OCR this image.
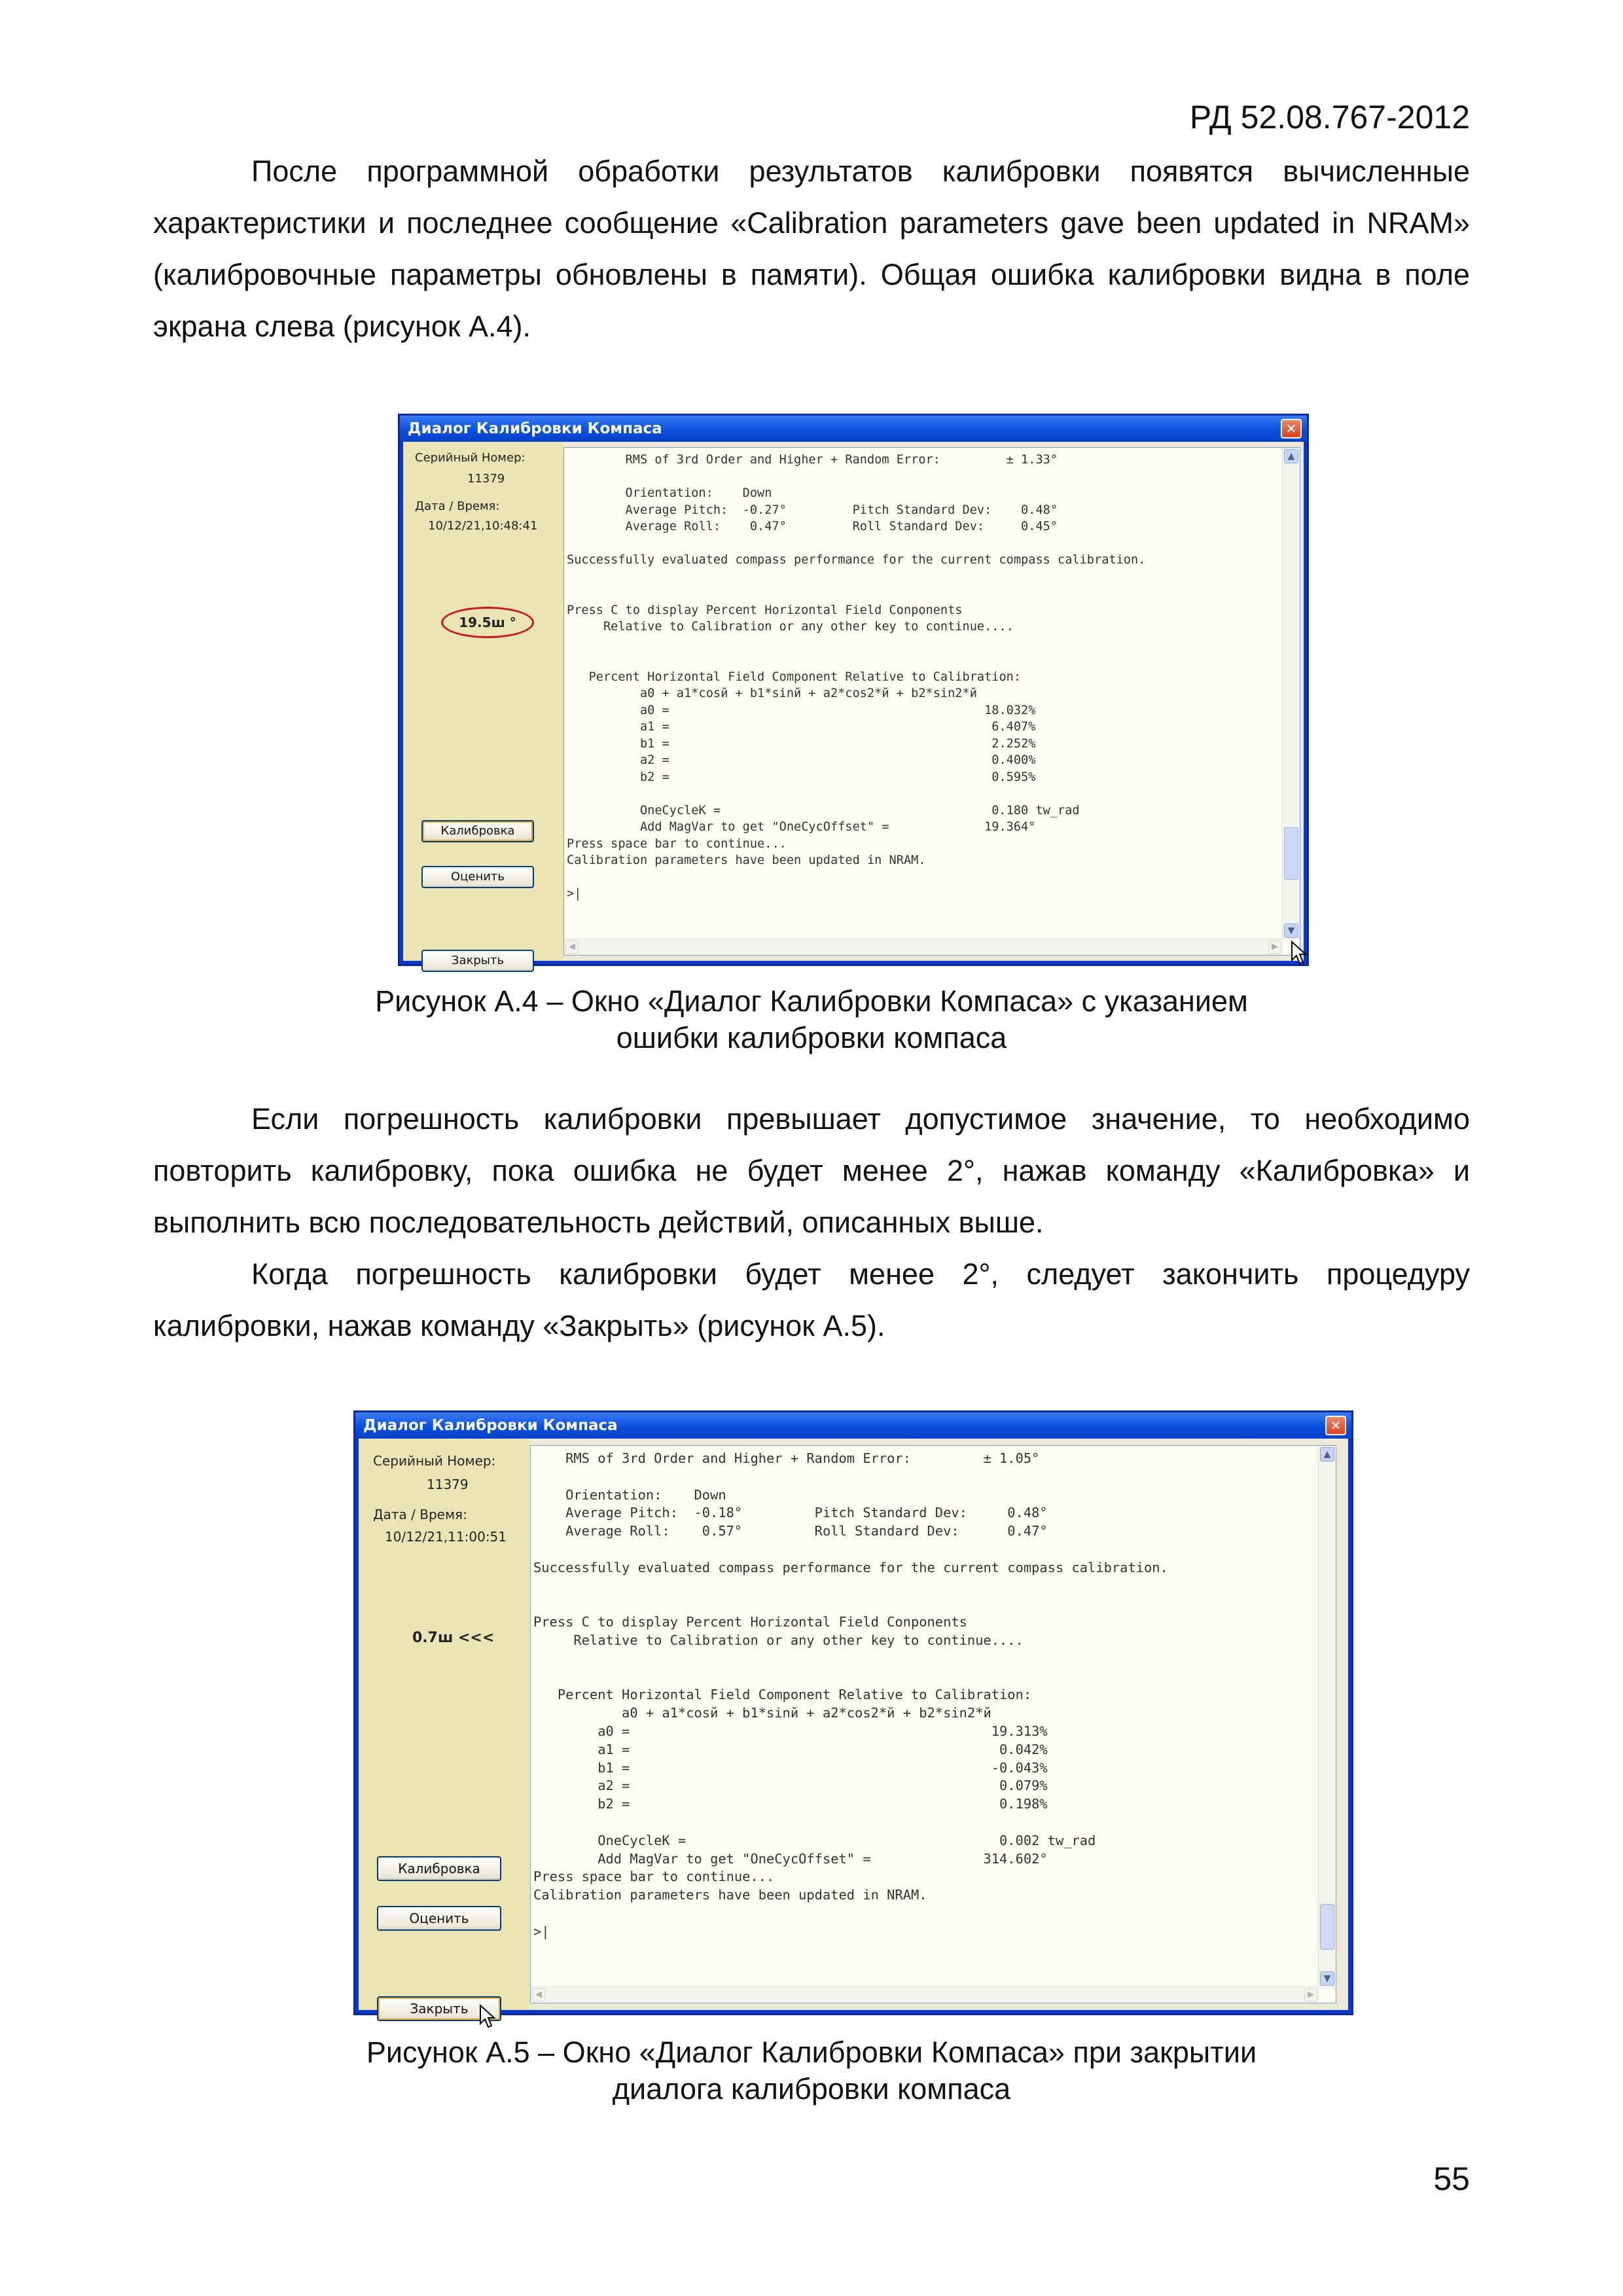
РД 52.08.767-2012

После программной обработки результатов калибровки появятся вычисленные характеристики и последнее сообщение «Calibration parameters gave been updated in NRAM» (калибровочные параметры обновлены в памяти). Общая ошибка калибровки видна в поле экрана слева (рисунок А.4).

Диалог Калибровки Компаса	✕
Серийный Номер:
11379
Дата / Время:
10/12/21,10:48:41
19.5ш °
Калибровка
Оценить
Закрыть
RMS of 3rd Order and Higher + Random Error:         ± 1.33°

Orientation:    Down
Average Pitch:  -0.27°         Pitch Standard Dev:    0.48°
Average Roll:    0.47°         Roll Standard Dev:     0.45°

Successfully evaluated compass performance for the current compass calibration.

Press C to display Percent Horizontal Field Conponents
Relative to Calibration or any other key to continue....

Percent Horizontal Field Component Relative to Calibration:
a0 + a1*cosй + b1*sinй + a2*cos2*й + b2*sin2*й
a0 =                                           18.032%
a1 =                                            6.407%
b1 =                                            2.252%
a2 =                                            0.400%
b2 =                                            0.595%

OneCycleK =                                     0.180 tw_rad
Add MagVar to get "OneCycOffset" =             19.364°
Press space bar to continue...
Calibration parameters have been updated in NRAM.

>|
▲
▼
◀	▶
Рисунок А.4 – Окно «Диалог Калибровки Компаса» с указанием
ошибки калибровки компаса

Если погрешность калибровки превышает допустимое значение, то необходимо повторить калибровку, пока ошибка не будет менее 2°, нажав команду «Калибровка» и выполнить всю последовательность действий, описанных выше.

Когда погрешность калибровки будет менее 2°, следует закончить процедуру калибровки, нажав команду «Закрыть» (рисунок А.5).

Диалог Калибровки Компаса	✕
Серийный Номер:
11379
Дата / Время:
10/12/21,11:00:51
0.7ш <<<
Калибровка
Оценить
Закрыть
RMS of 3rd Order and Higher + Random Error:         ± 1.05°

Orientation:    Down
Average Pitch:  -0.18°         Pitch Standard Dev:     0.48°
Average Roll:    0.57°         Roll Standard Dev:      0.47°

Successfully evaluated compass performance for the current compass calibration.

Press C to display Percent Horizontal Field Conponents
Relative to Calibration or any other key to continue....

Percent Horizontal Field Component Relative to Calibration:
a0 + a1*cosй + b1*sinй + a2*cos2*й + b2*sin2*й
a0 =                                             19.313%
a1 =                                              0.042%
b1 =                                             -0.043%
a2 =                                              0.079%
b2 =                                              0.198%

OneCycleK =                                       0.002 tw_rad
Add MagVar to get "OneCycOffset" =              314.602°
Press space bar to continue...
Calibration parameters have been updated in NRAM.

>|
▲
▼
◀	▶
Рисунок А.5 – Окно «Диалог Калибровки Компаса» при закрытии
диалога калибровки компаса
55
